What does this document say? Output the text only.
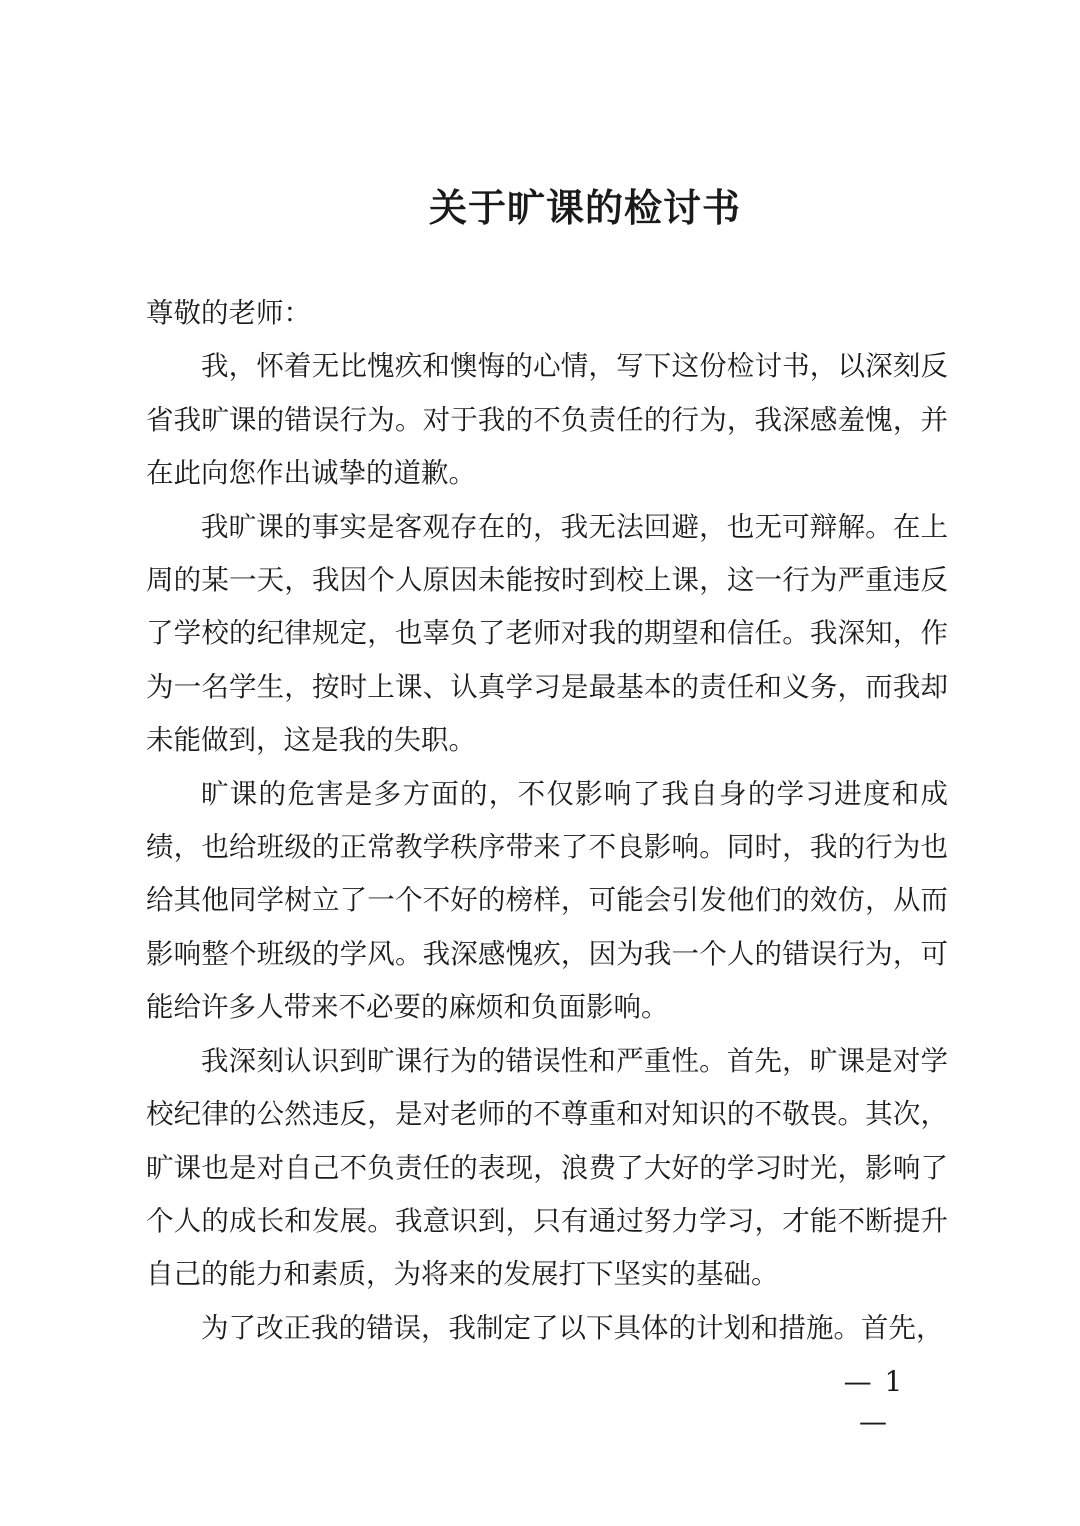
关于旷课的检讨书

尊敬的老师：

我，怀着无比愧疚和懊悔的心情，写下这份检讨书，以深刻反省我旷课的错误行为。对于我的不负责任的行为，我深感羞愧，并在此向您作出诚挚的道歉。

我旷课的事实是客观存在的，我无法回避，也无可辩解。在上周的某一天，我因个人原因未能按时到校上课，这一行为严重违反了学校的纪律规定，也辜负了老师对我的期望和信任。我深知，作为一名学生，按时上课、认真学习是最基本的责任和义务，而我却未能做到，这是我的失职。

旷课的危害是多方面的，不仅影响了我自身的学习进度和成绩，也给班级的正常教学秩序带来了不良影响。同时，我的行为也给其他同学树立了一个不好的榜样，可能会引发他们的效仿，从而影响整个班级的学风。我深感愧疚，因为我一个人的错误行为，可能给许多人带来不必要的麻烦和负面影响。

我深刻认识到旷课行为的错误性和严重性。首先，旷课是对学校纪律的公然违反，是对老师的不尊重和对知识的不敬畏。其次，旷课也是对自己不负责任的表现，浪费了大好的学习时光，影响了个人的成长和发展。我意识到，只有通过努力学习，才能不断提升自己的能力和素质，为将来的发展打下坚实的基础。

为了改正我的错误，我制定了以下具体的计划和措施。首先，

— 1 —
